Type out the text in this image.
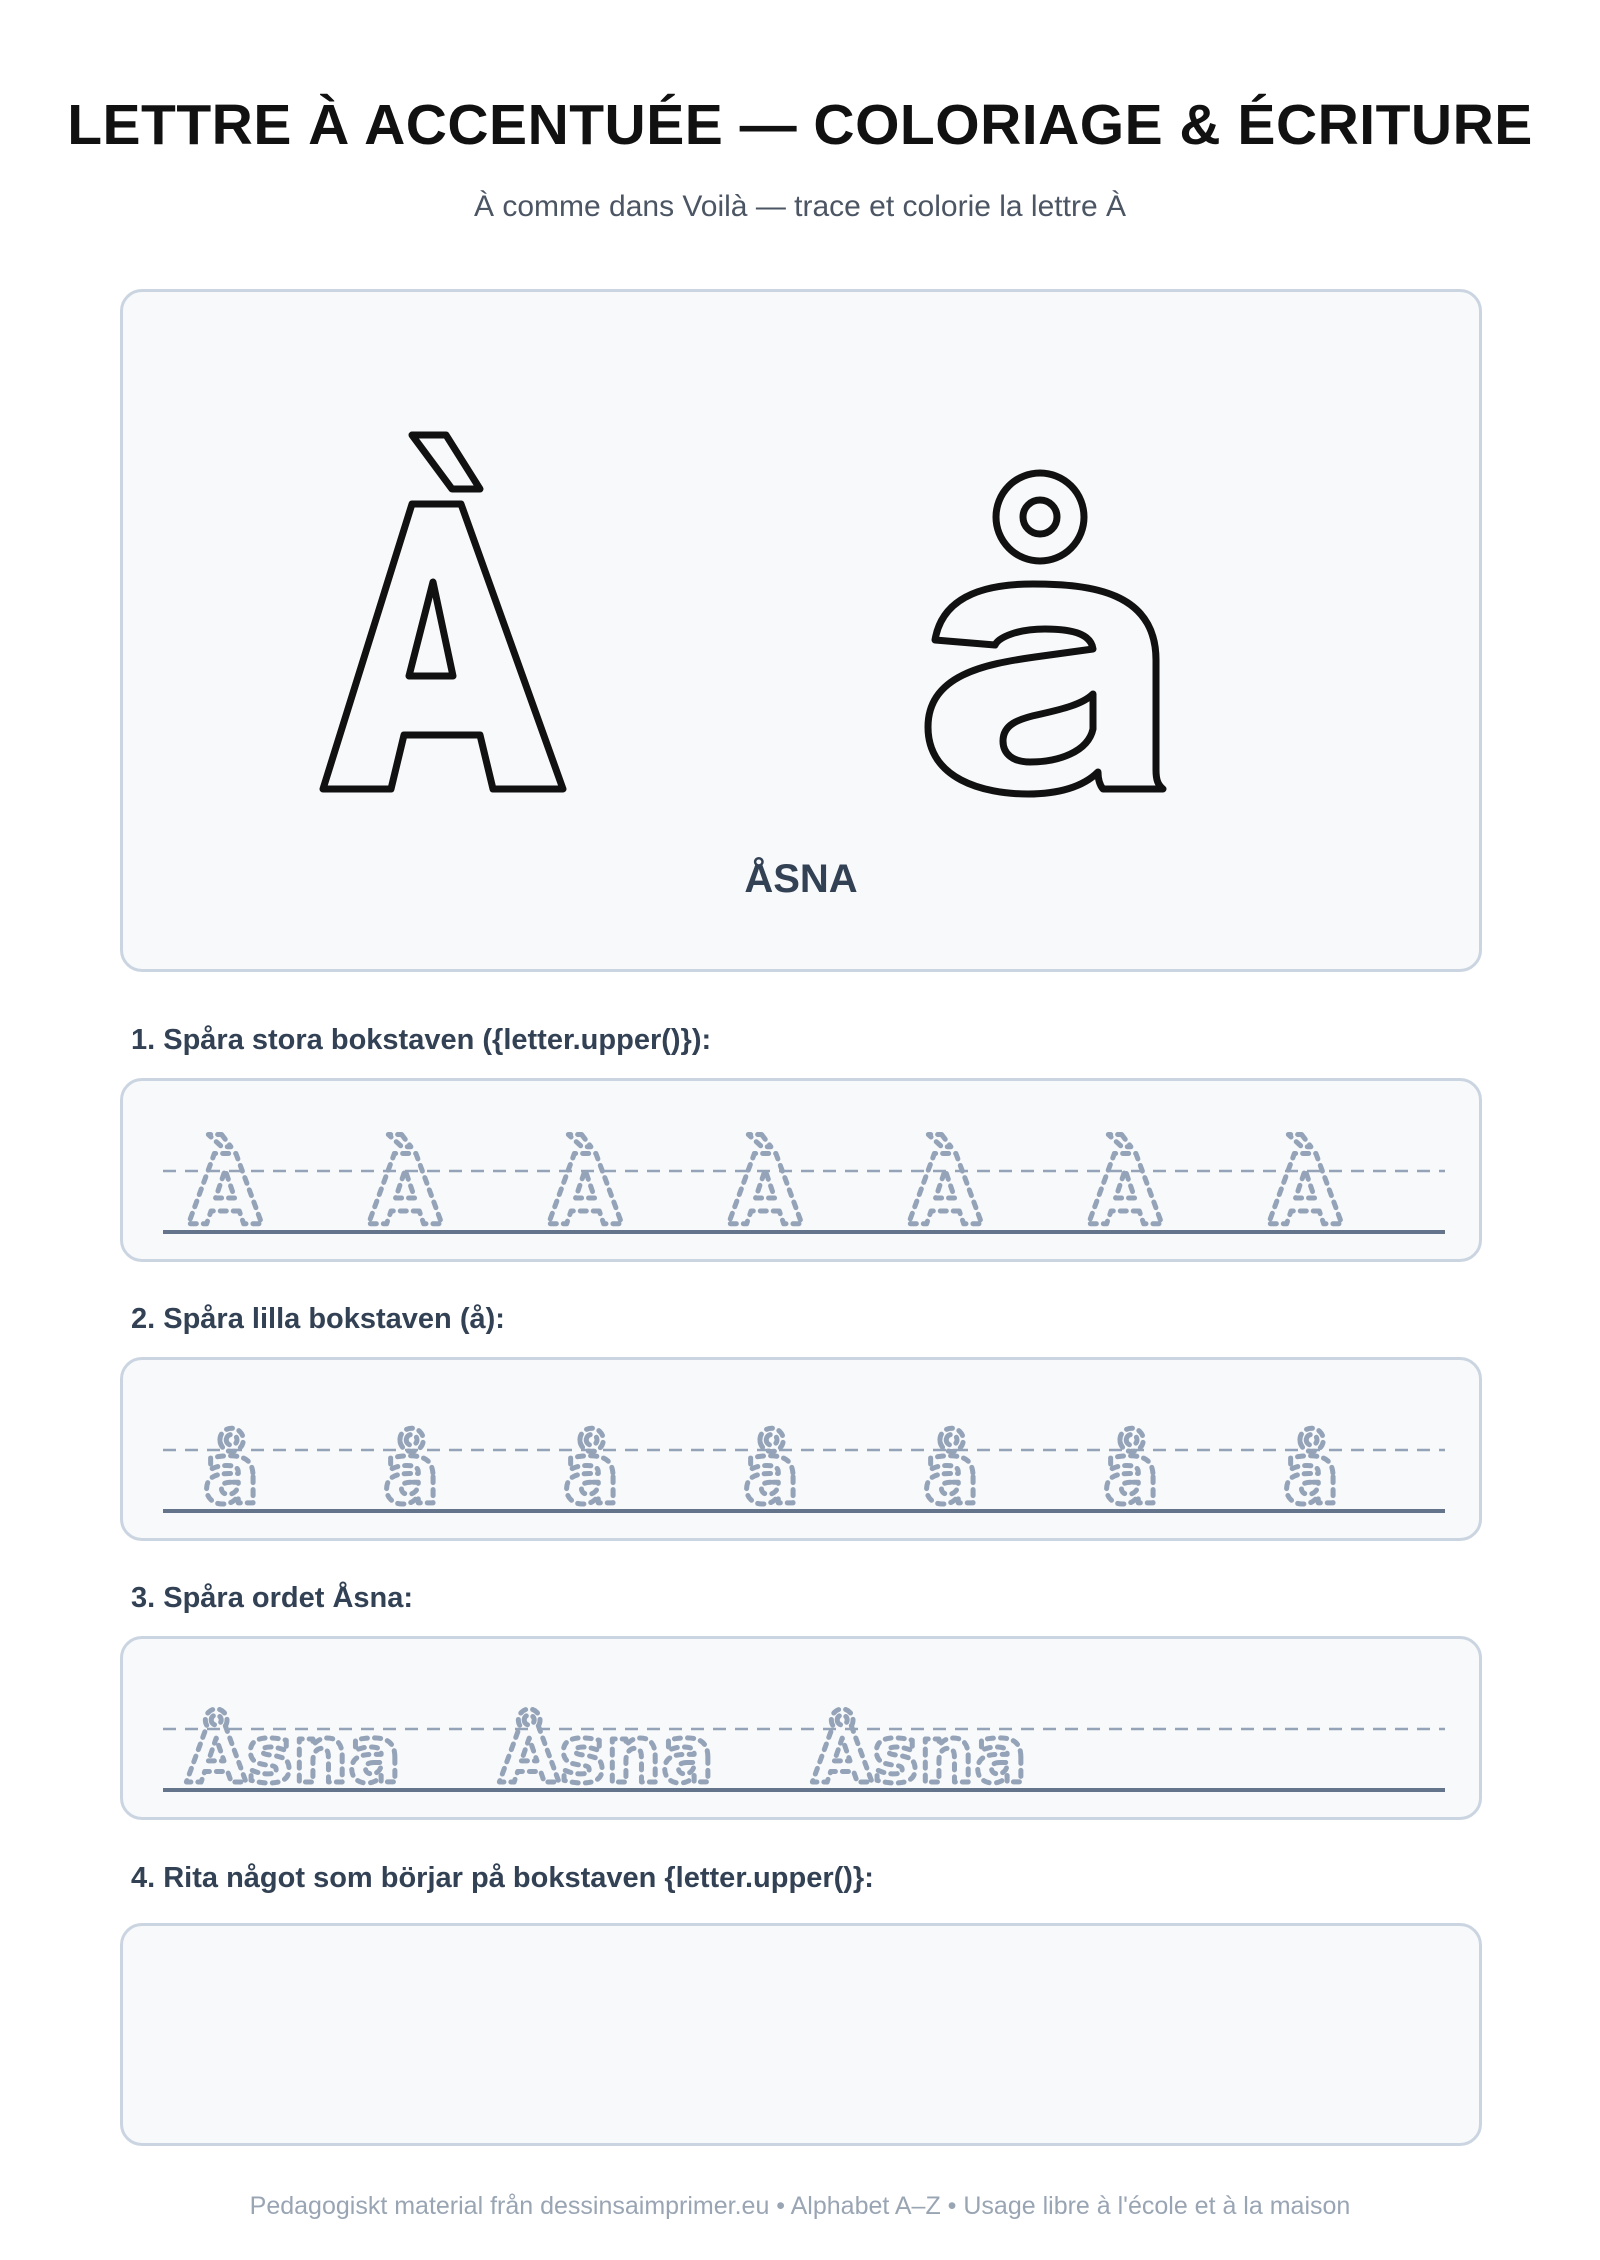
LETTRE À ACCENTUÉE — COLORIAGE & ÉCRITURE

À comme dans Voilà — trace et colorie la lettre À

ÅSNA
1. Spåra stora bokstaven ({letter.upper()}):
À À À À À À À
2. Spåra lilla bokstaven (å):
å å å å å å å
3. Spåra ordet Åsna:
Åsna Åsna Åsna
4. Rita något som börjar på bokstaven {letter.upper()}:
Pedagogiskt material från dessinsaimprimer.eu • Alphabet A–Z • Usage libre à l'école et à la maison
